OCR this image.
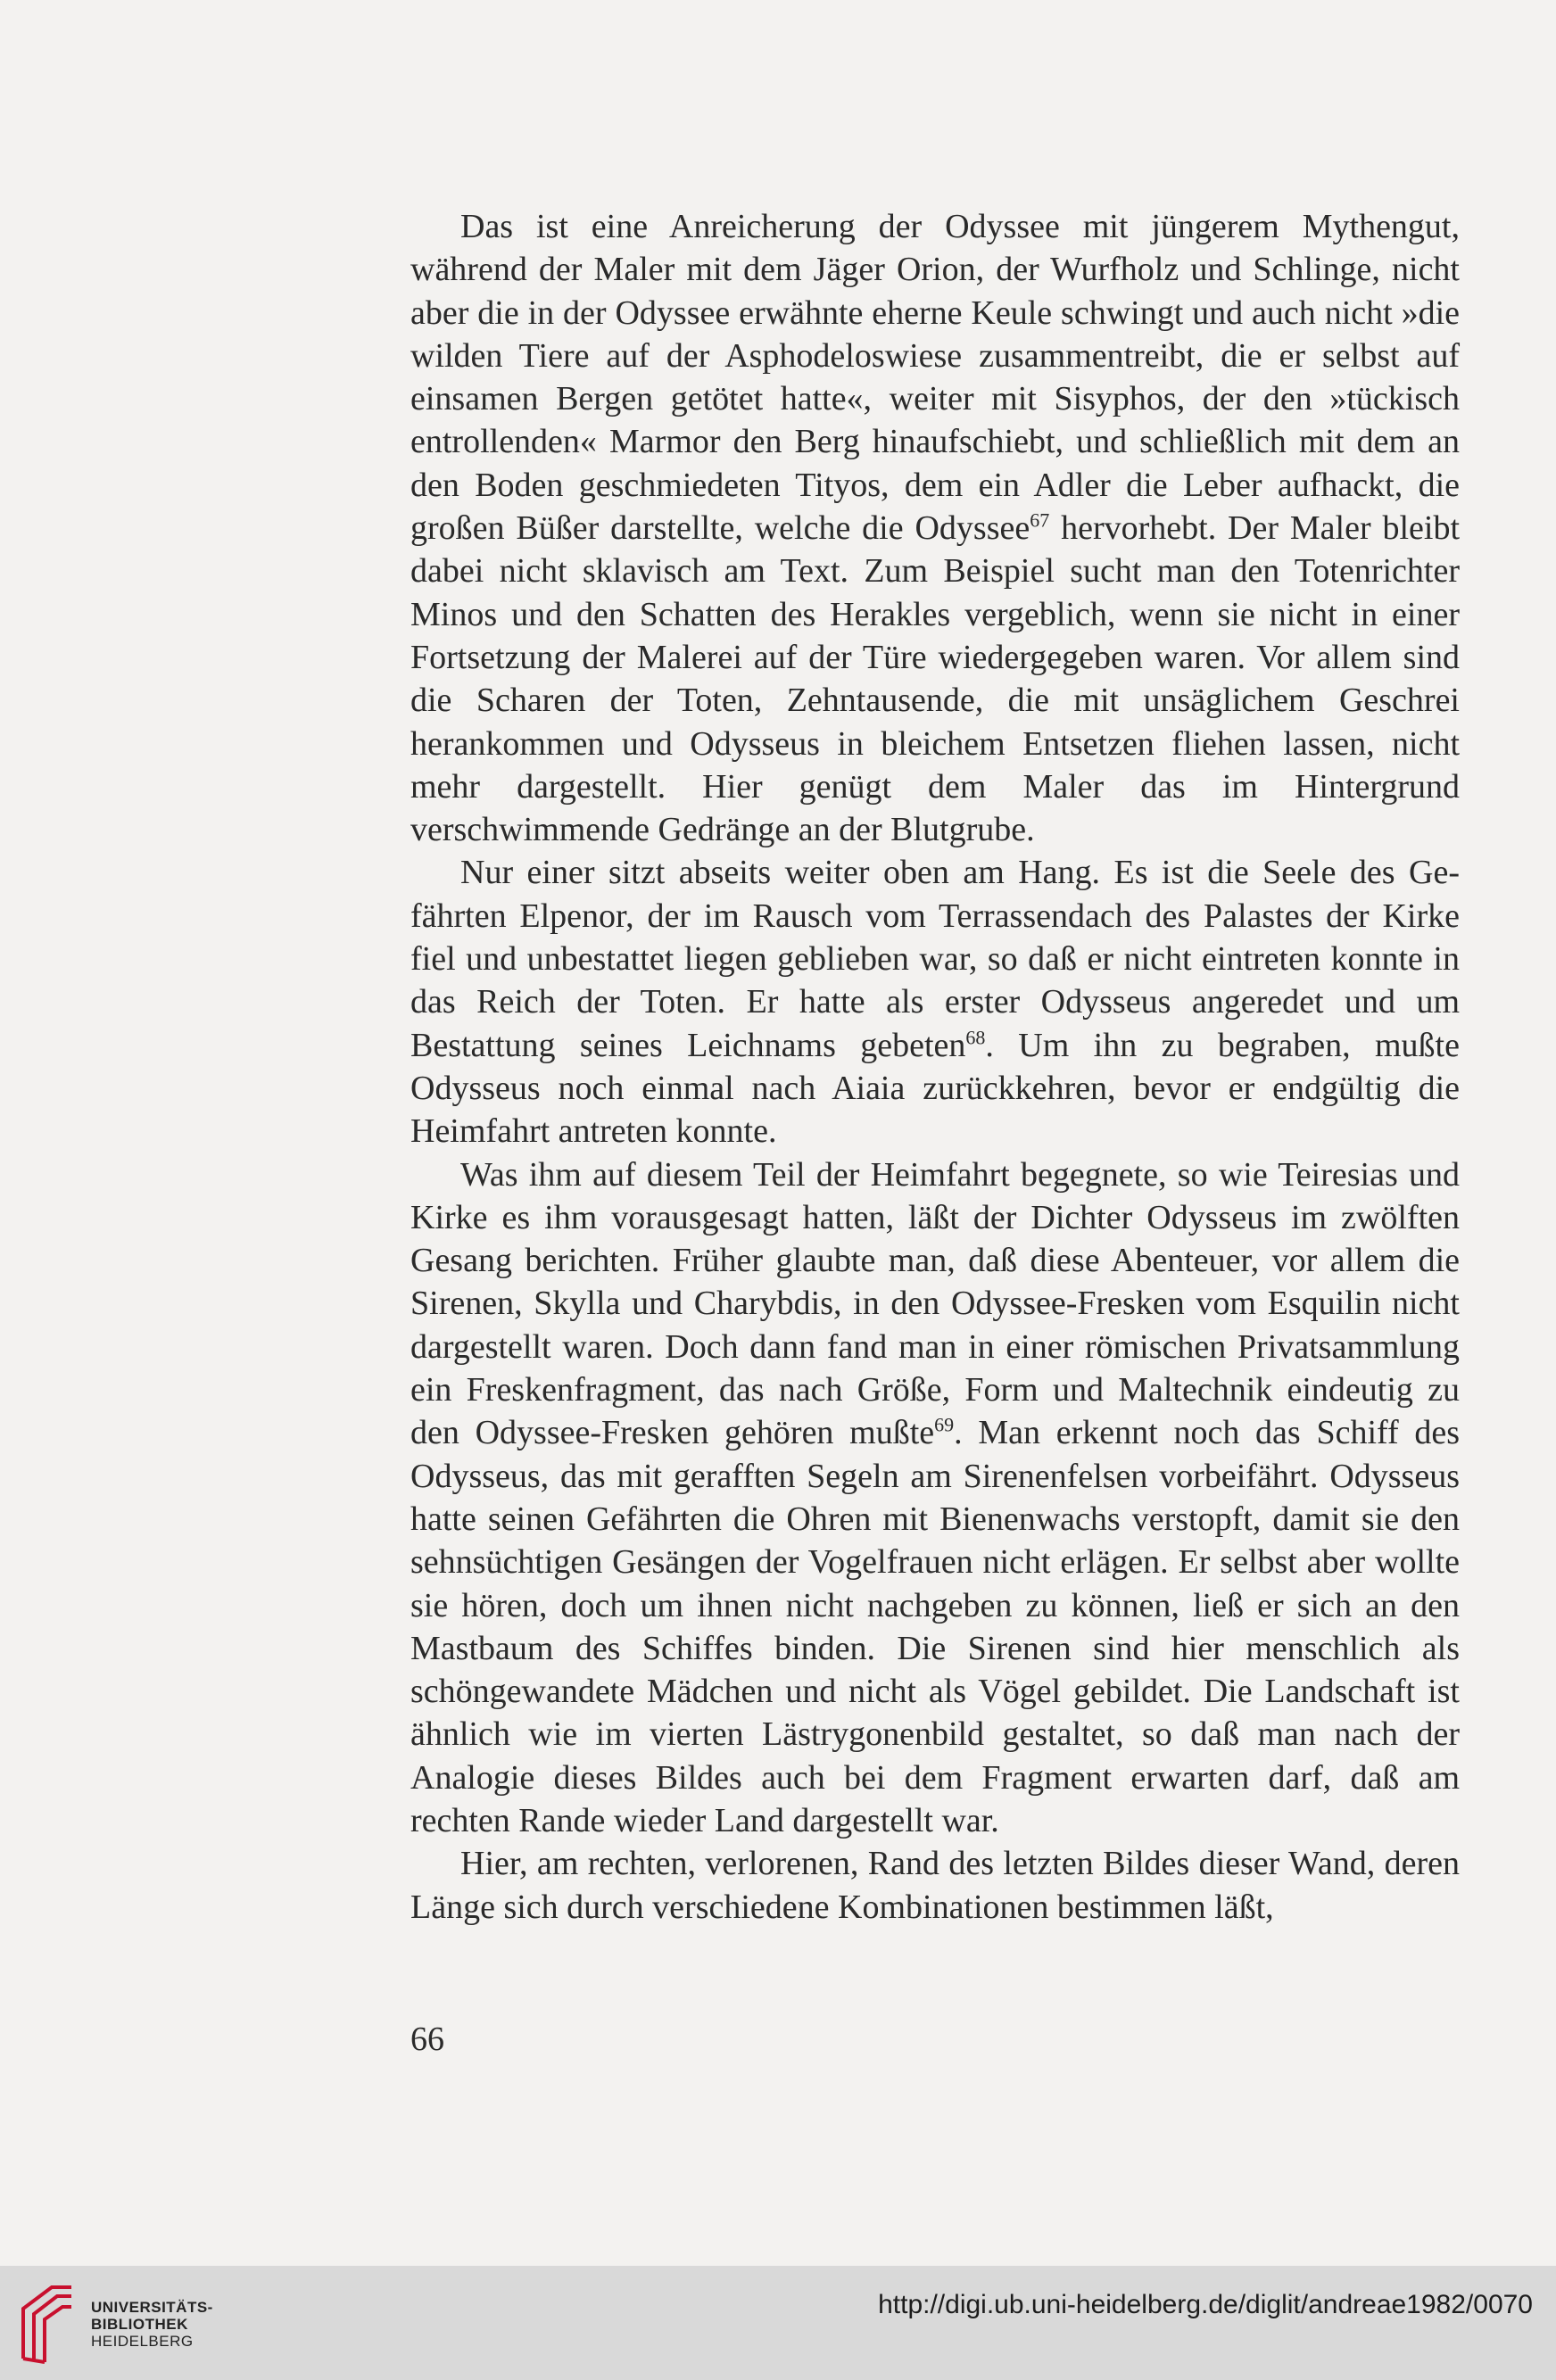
Das ist eine Anreicherung der Odyssee mit jüngerem Mythengut, während der Maler mit dem Jäger Orion, der Wurfholz und Schlinge, nicht aber die in der Odyssee erwähnte eherne Keule schwingt und auch nicht »die wilden Tiere auf der Asphodeloswiese zusammentreibt, die er selbst auf einsamen Bergen getötet hatte«, weiter mit Sisyphos, der den »tückisch entrollenden« Marmor den Berg hinaufschiebt, und schließlich mit dem an den Boden geschmiedeten Tityos, dem ein Adler die Leber aufhackt, die großen Büßer darstellte, welche die Odyssee$^{67}$ hervorhebt. Der Maler bleibt dabei nicht sklavisch am Text. Zum Beispiel sucht man den Totenrichter Minos und den Schatten des Herakles vergeblich, wenn sie nicht in einer Fortsetzung der Malerei auf der Türe wiedergegeben waren. Vor allem sind die Scharen der Toten, Zehntausende, die mit unsäglichem Geschrei herankommen und Odysseus in bleichem Entsetzen fliehen lassen, nicht mehr dargestellt. Hier genügt dem Maler das im Hintergrund verschwimmende Gedränge an der Blutgrube.

Nur einer sitzt abseits weiter oben am Hang. Es ist die Seele des Gefährten Elpenor, der im Rausch vom Terrassendach des Palastes der Kirke fiel und unbestattet liegen geblieben war, so daß er nicht eintreten konnte in das Reich der Toten. Er hatte als erster Odysseus angeredet und um Bestattung seines Leichnams gebeten$^{68}$. Um ihn zu begraben, mußte Odysseus noch einmal nach Aiaia zurückkehren, bevor er endgültig die Heimfahrt antreten konnte.

Was ihm auf diesem Teil der Heimfahrt begegnete, so wie Teiresias und Kirke es ihm vorausgesagt hatten, läßt der Dichter Odysseus im zwölften Gesang berichten. Früher glaubte man, daß diese Abenteuer, vor allem die Sirenen, Skylla und Charybdis, in den Odyssee-Fresken vom Esquilin nicht dargestellt waren. Doch dann fand man in einer römischen Privatsammlung ein Freskenfragment, das nach Größe, Form und Maltechnik eindeutig zu den Odyssee-Fresken gehören mußte$^{69}$. Man erkennt noch das Schiff des Odysseus, das mit gerafften Segeln am Sirenenfelsen vorbeifährt. Odysseus hatte seinen Gefährten die Ohren mit Bienenwachs verstopft, damit sie den sehnsüchtigen Gesängen der Vogelfrauen nicht erlägen. Er selbst aber wollte sie hören, doch um ihnen nicht nachgeben zu können, ließ er sich an den Mastbaum des Schiffes binden. Die Sirenen sind hier menschlich als schöngewandete Mädchen und nicht als Vögel gebildet. Die Landschaft ist ähnlich wie im vierten Lästrygonenbild gestaltet, so daß man nach der Analogie dieses Bildes auch bei dem Fragment erwarten darf, daß am rechten Rande wieder Land dargestellt war.

Hier, am rechten, verlorenen, Rand des letzten Bildes dieser Wand, deren Länge sich durch verschiedene Kombinationen bestimmen läßt,

66
UNIVERSITÄTS-
BIBLIOTHEK
HEIDELBERG
http://digi.ub.uni-heidelberg.de/diglit/andreae1982/0070
